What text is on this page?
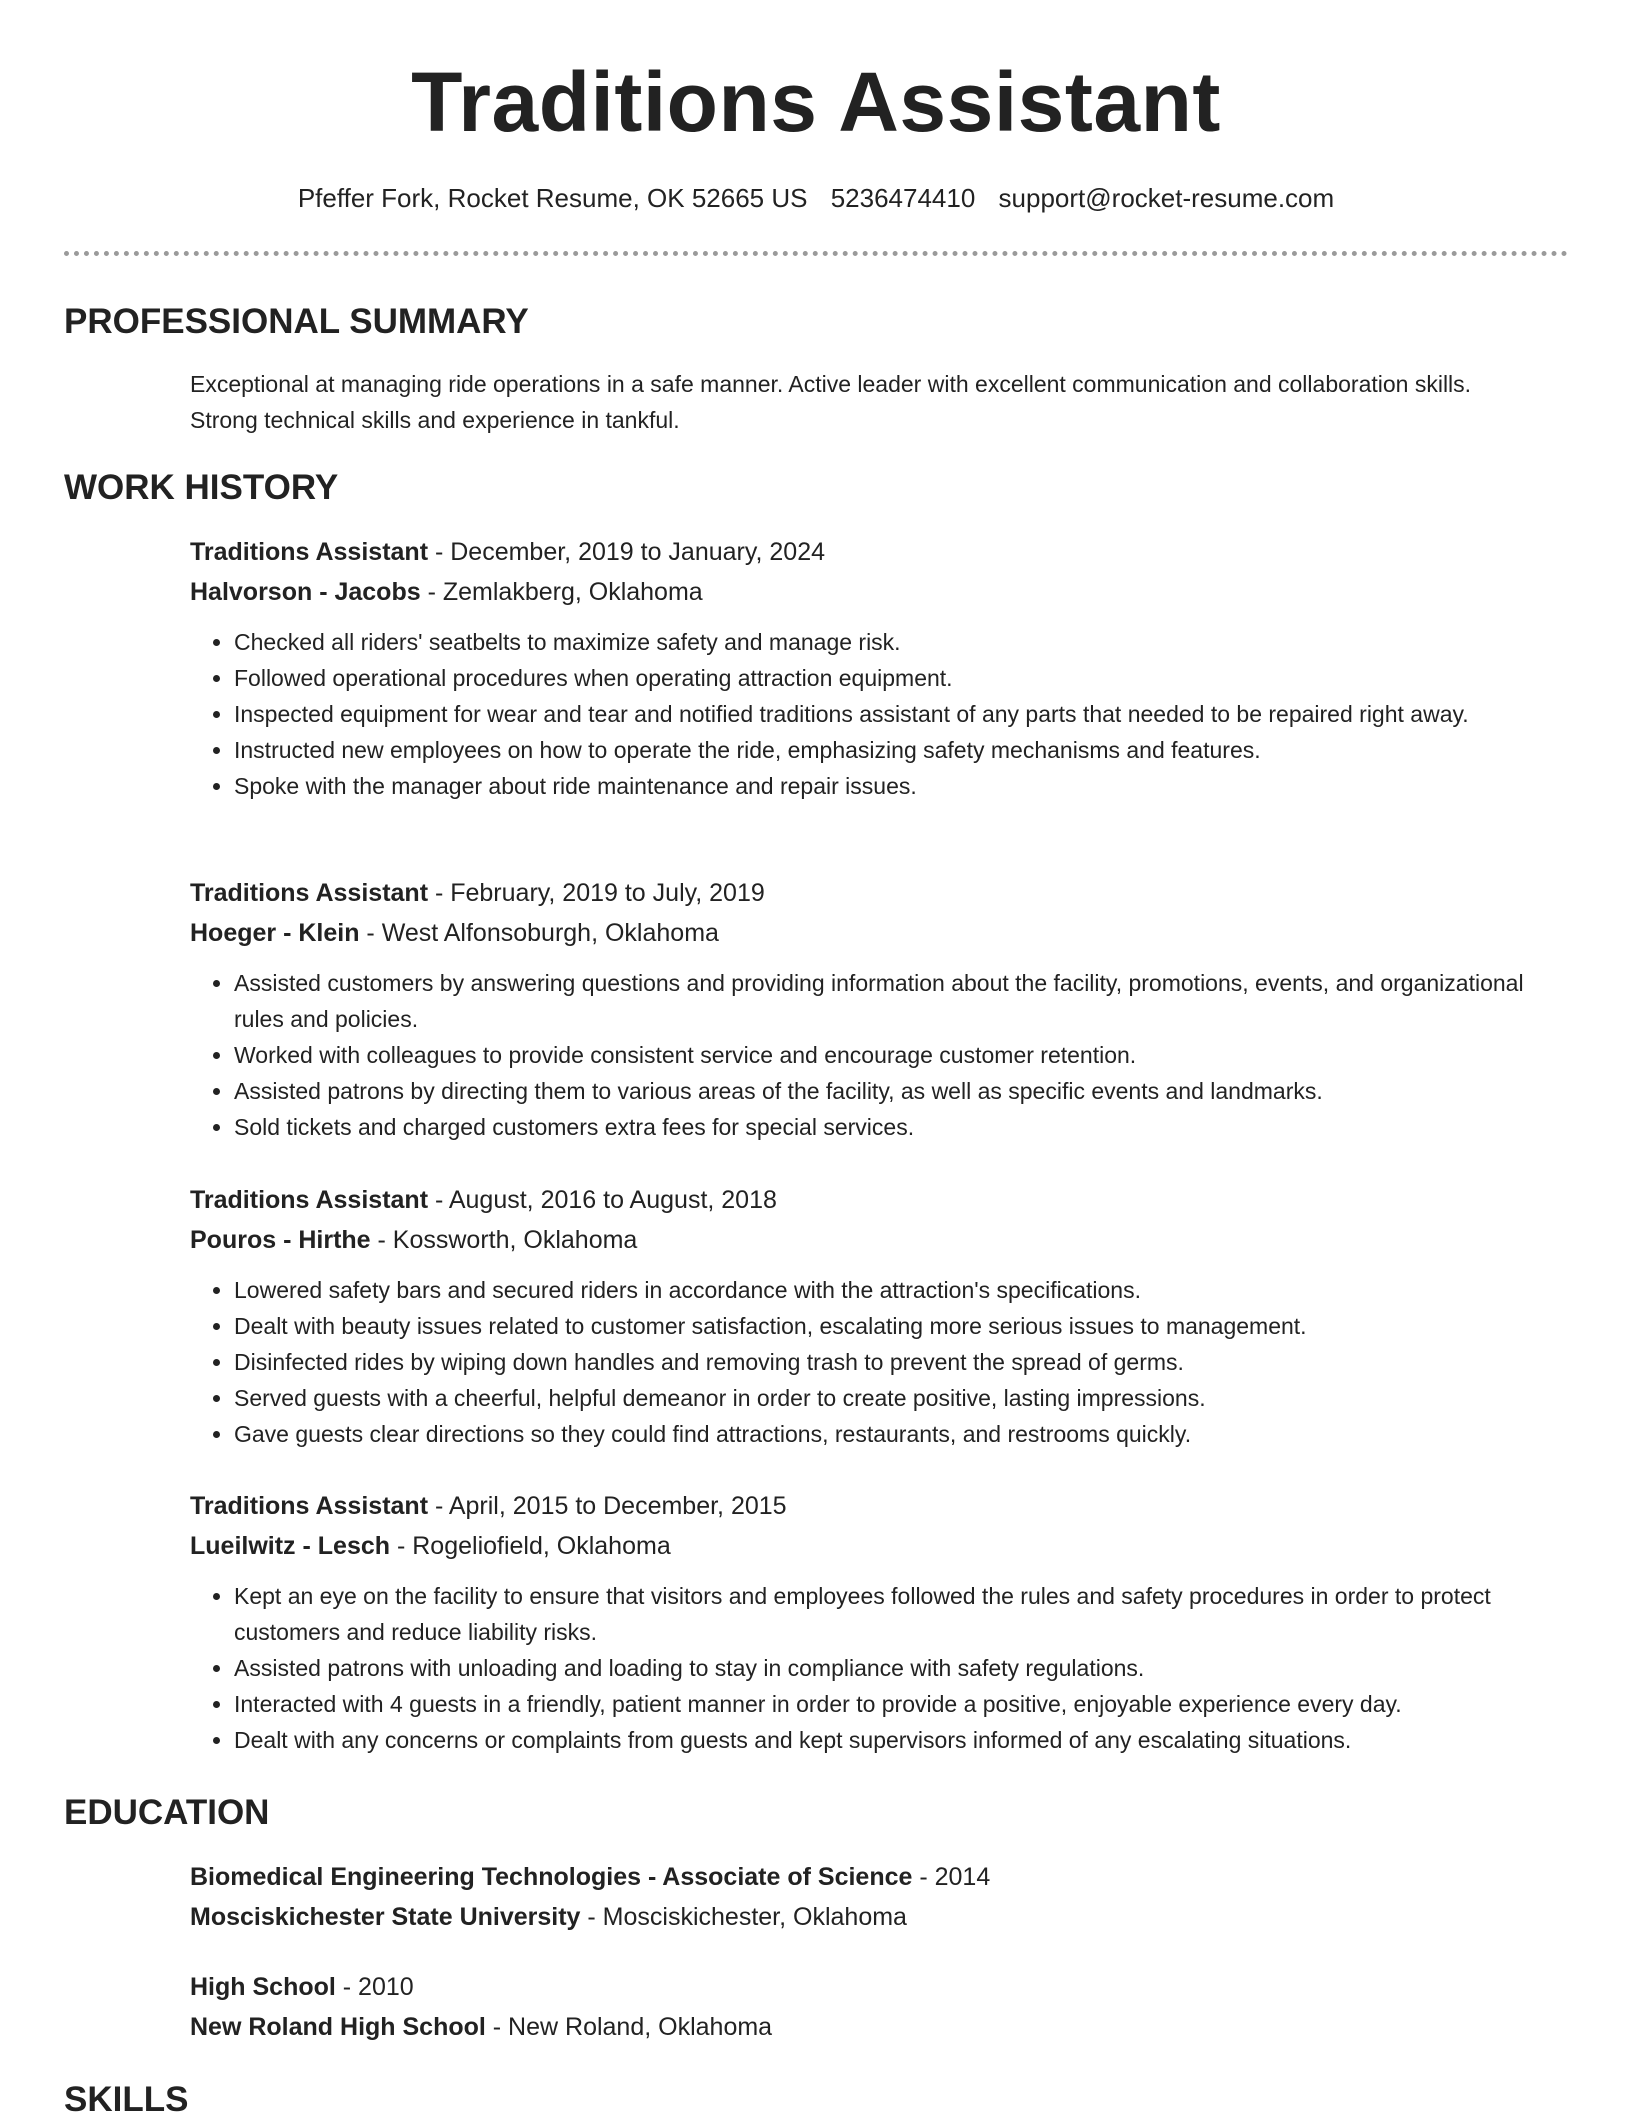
Traditions Assistant
Pfeffer Fork, Rocket Resume, OK 52665 US 5236474410 support@rocket-resume.com
PROFESSIONAL SUMMARY

Exceptional at managing ride operations in a safe manner. Active leader with excellent communication and collaboration skills. Strong technical skills and experience in tankful.

WORK HISTORY
Traditions Assistant - December, 2019 to January, 2024
Halvorson - Jacobs - Zemlakberg, Oklahoma
• Checked all riders' seatbelts to maximize safety and manage risk.
• Followed operational procedures when operating attraction equipment.
• Inspected equipment for wear and tear and notified traditions assistant of any parts that needed to be repaired right away.
• Instructed new employees on how to operate the ride, emphasizing safety mechanisms and features.
• Spoke with the manager about ride maintenance and repair issues.
Traditions Assistant - February, 2019 to July, 2019
Hoeger - Klein - West Alfonsoburgh, Oklahoma
• Assisted customers by answering questions and providing information about the facility, promotions, events, and organizational rules and policies.
• Worked with colleagues to provide consistent service and encourage customer retention.
• Assisted patrons by directing them to various areas of the facility, as well as specific events and landmarks.
• Sold tickets and charged customers extra fees for special services.
Traditions Assistant - August, 2016 to August, 2018
Pouros - Hirthe - Kossworth, Oklahoma
• Lowered safety bars and secured riders in accordance with the attraction's specifications.
• Dealt with beauty issues related to customer satisfaction, escalating more serious issues to management.
• Disinfected rides by wiping down handles and removing trash to prevent the spread of germs.
• Served guests with a cheerful, helpful demeanor in order to create positive, lasting impressions.
• Gave guests clear directions so they could find attractions, restaurants, and restrooms quickly.
Traditions Assistant - April, 2015 to December, 2015
Lueilwitz - Lesch - Rogeliofield, Oklahoma
• Kept an eye on the facility to ensure that visitors and employees followed the rules and safety procedures in order to protect customers and reduce liability risks.
• Assisted patrons with unloading and loading to stay in compliance with safety regulations.
• Interacted with 4 guests in a friendly, patient manner in order to provide a positive, enjoyable experience every day.
• Dealt with any concerns or complaints from guests and kept supervisors informed of any escalating situations.
EDUCATION
Biomedical Engineering Technologies - Associate of Science - 2014
Mosciskichester State University - Mosciskichester, Oklahoma
High School - 2010
New Roland High School - New Roland, Oklahoma
SKILLS
